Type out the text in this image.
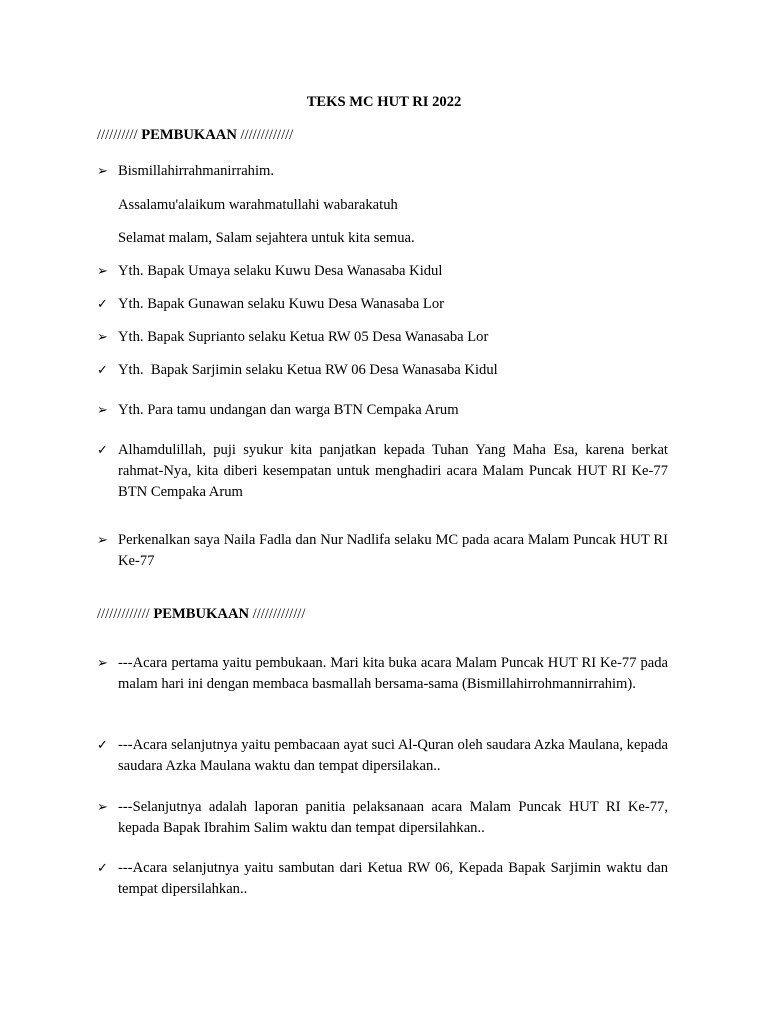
TEKS MC HUT RI 2022
////////// PEMBUKAAN /////////////
➢ Bismillahirrahmanirrahim.
Assalamu'alaikum warahmatullahi wabarakatuh
Selamat malam, Salam sejahtera untuk kita semua.
➢ Yth. Bapak Umaya selaku Kuwu Desa Wanasaba Kidul
✓ Yth. Bapak Gunawan selaku Kuwu Desa Wanasaba Lor
➢ Yth. Bapak Suprianto selaku Ketua RW 05 Desa Wanasaba Lor
✓ Yth.  Bapak Sarjimin selaku Ketua RW 06 Desa Wanasaba Kidul
➢ Yth. Para tamu undangan dan warga BTN Cempaka Arum
✓ Alhamdulillah, puji syukur kita panjatkan kepada Tuhan Yang Maha Esa, karena berkat rahmat-Nya, kita diberi kesempatan untuk menghadiri acara Malam Puncak HUT RI Ke-77 BTN Cempaka Arum
➢ Perkenalkan saya Naila Fadla dan Nur Nadlifa selaku MC pada acara Malam Puncak HUT RI Ke-77
///////////// PEMBUKAAN /////////////
➢ ---Acara pertama yaitu pembukaan. Mari kita buka acara Malam Puncak HUT RI Ke-77 pada malam hari ini dengan membaca basmallah bersama-sama (Bismillahirrohmannirrahim).
✓ ---Acara selanjutnya yaitu pembacaan ayat suci Al-Quran oleh saudara Azka Maulana, kepada saudara Azka Maulana waktu dan tempat dipersilakan..
➢ ---Selanjutnya adalah laporan panitia pelaksanaan acara Malam Puncak HUT RI Ke-77, kepada Bapak Ibrahim Salim waktu dan tempat dipersilahkan..
✓ ---Acara selanjutnya yaitu sambutan dari Ketua RW 06, Kepada Bapak Sarjimin waktu dan tempat dipersilahkan..
